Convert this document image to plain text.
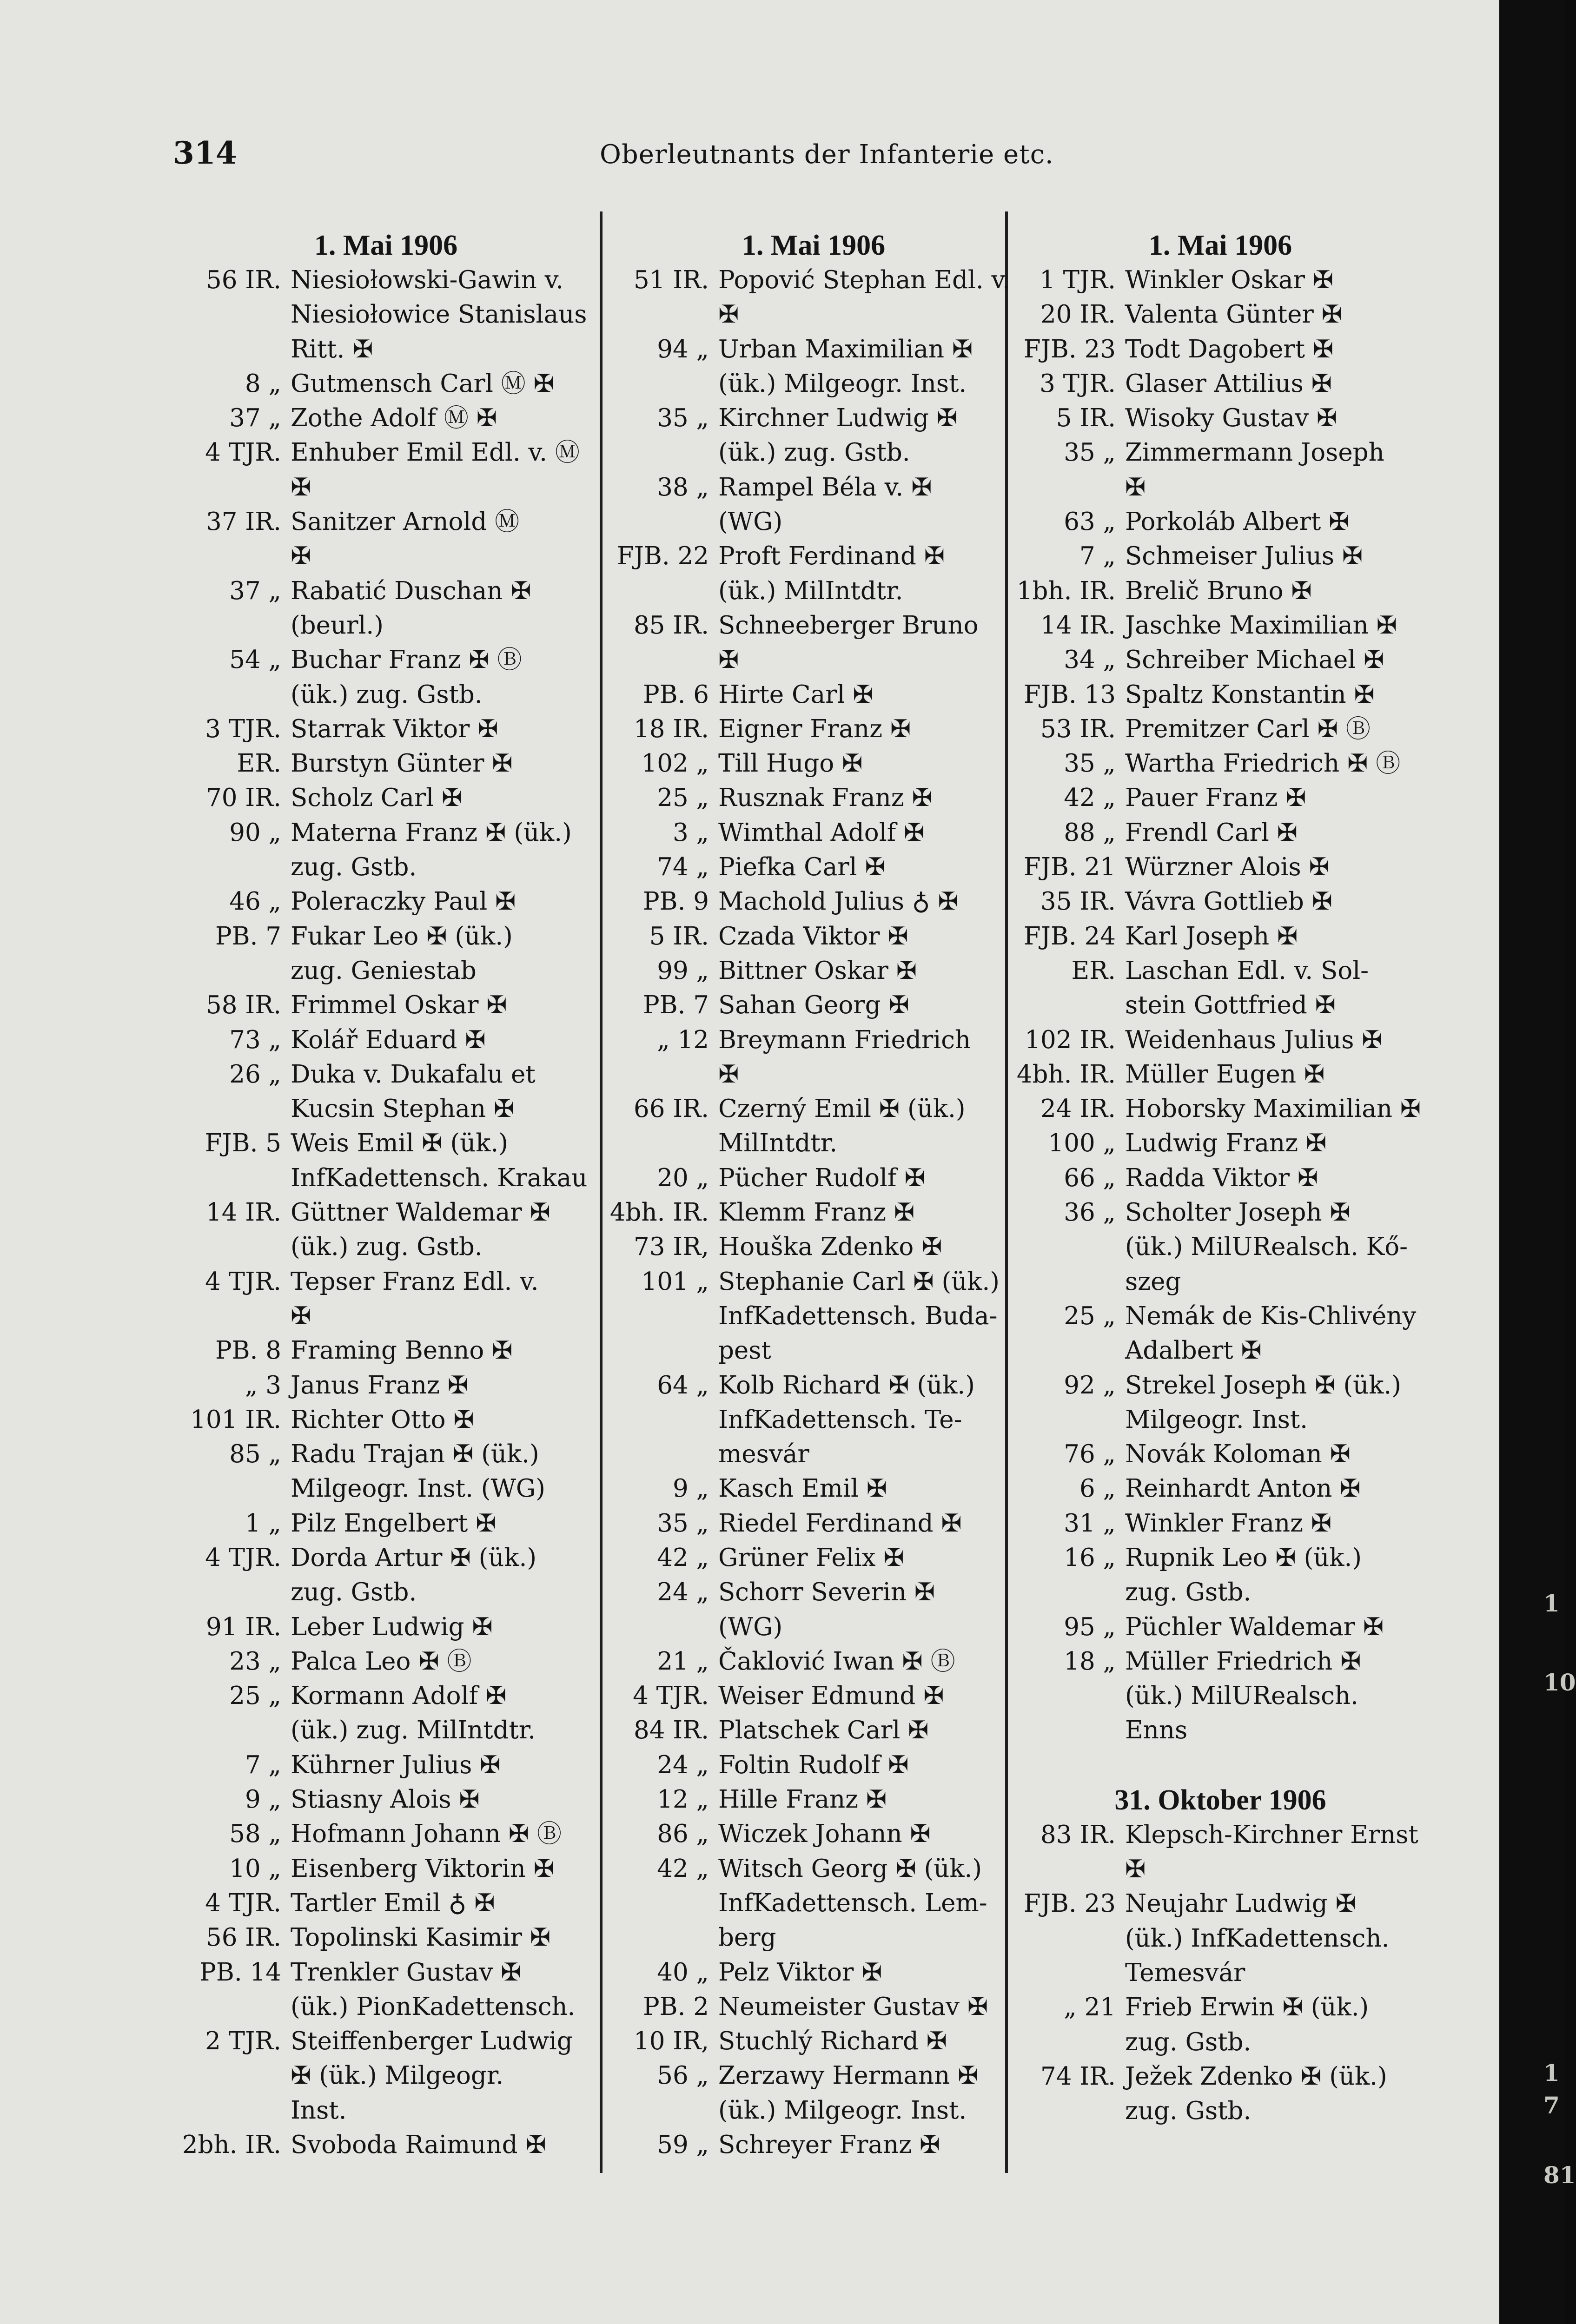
314	Oberleutnants der Infanterie etc.
1. Mai 1906
56 IR. Niesiołowski-Gawin v.
Niesiołowice Stanislaus
Ritt. ✠
8 „ Gutmensch Carl Ⓜ ✠
37 „ Zothe Adolf Ⓜ ✠
4 TJR. Enhuber Emil Edl. v. Ⓜ
✠
37 IR. Sanitzer Arnold Ⓜ
✠
37 „ Rabatić Duschan ✠
(beurl.)
54 „ Buchar Franz ✠ Ⓑ
(ük.) zug. Gstb.
3 TJR. Starrak Viktor ✠
ER. Burstyn Günter ✠
70 IR. Scholz Carl ✠
90 „ Materna Franz ✠ (ük.)
zug. Gstb.
46 „ Poleraczky Paul ✠
PB. 7 Fukar Leo ✠ (ük.)
zug. Geniestab
58 IR. Frimmel Oskar ✠
73 „ Kolář Eduard ✠
26 „ Duka v. Dukafalu et
Kucsin Stephan ✠
FJB. 5 Weis Emil ✠ (ük.)
InfKadettensch. Krakau
14 IR. Güttner Waldemar ✠
(ük.) zug. Gstb.
4 TJR. Tepser Franz Edl. v.
✠
PB. 8 Framing Benno ✠
„ 3 Janus Franz ✠
101 IR. Richter Otto ✠
85 „ Radu Trajan ✠ (ük.)
Milgeogr. Inst. (WG)
1 „ Pilz Engelbert ✠
4 TJR. Dorda Artur ✠ (ük.)
zug. Gstb.
91 IR. Leber Ludwig ✠
23 „ Palca Leo ✠ Ⓑ
25 „ Kormann Adolf ✠
(ük.) zug. MilIntdtr.
7 „ Kührner Julius ✠
9 „ Stiasny Alois ✠
58 „ Hofmann Johann ✠ Ⓑ
10 „ Eisenberg Viktorin ✠
4 TJR. Tartler Emil ♁ ✠
56 IR. Topolinski Kasimir ✠
PB. 14 Trenkler Gustav ✠
(ük.) PionKadettensch.
2 TJR. Steiffenberger Ludwig
✠ (ük.) Milgeogr.
Inst.
2bh. IR. Svoboda Raimund ✠
1. Mai 1906
51 IR. Popović Stephan Edl. v.
✠
94 „ Urban Maximilian ✠
(ük.) Milgeogr. Inst.
35 „ Kirchner Ludwig ✠
(ük.) zug. Gstb.
38 „ Rampel Béla v. ✠
(WG)
FJB. 22 Proft Ferdinand ✠
(ük.) MilIntdtr.
85 IR. Schneeberger Bruno
✠
PB. 6 Hirte Carl ✠
18 IR. Eigner Franz ✠
102 „ Till Hugo ✠
25 „ Rusznak Franz ✠
3 „ Wimthal Adolf ✠
74 „ Piefka Carl ✠
PB. 9 Machold Julius ♁ ✠
5 IR. Czada Viktor ✠
99 „ Bittner Oskar ✠
PB. 7 Sahan Georg ✠
„ 12 Breymann Friedrich
✠
66 IR. Czerný Emil ✠ (ük.)
MilIntdtr.
20 „ Pücher Rudolf ✠
4bh. IR. Klemm Franz ✠
73 IR, Houška Zdenko ✠
101 „ Stephanie Carl ✠ (ük.)
InfKadettensch. Buda-
pest
64 „ Kolb Richard ✠ (ük.)
InfKadettensch. Te-
mesvár
9 „ Kasch Emil ✠
35 „ Riedel Ferdinand ✠
42 „ Grüner Felix ✠
24 „ Schorr Severin ✠
(WG)
21 „ Čaklović Iwan ✠ Ⓑ
4 TJR. Weiser Edmund ✠
84 IR. Platschek Carl ✠
24 „ Foltin Rudolf ✠
12 „ Hille Franz ✠
86 „ Wiczek Johann ✠
42 „ Witsch Georg ✠ (ük.)
InfKadettensch. Lem-
berg
40 „ Pelz Viktor ✠
PB. 2 Neumeister Gustav ✠
10 IR, Stuchlý Richard ✠
56 „ Zerzawy Hermann ✠
(ük.) Milgeogr. Inst.
59 „ Schreyer Franz ✠
1. Mai 1906
1 TJR. Winkler Oskar ✠
20 IR. Valenta Günter ✠
FJB. 23 Todt Dagobert ✠
3 TJR. Glaser Attilius ✠
5 IR. Wisoky Gustav ✠
35 „ Zimmermann Joseph
✠
63 „ Porkoláb Albert ✠
7 „ Schmeiser Julius ✠
1bh. IR. Brelič Bruno ✠
14 IR. Jaschke Maximilian ✠
34 „ Schreiber Michael ✠
FJB. 13 Spaltz Konstantin ✠
53 IR. Premitzer Carl ✠ Ⓑ
35 „ Wartha Friedrich ✠ Ⓑ
42 „ Pauer Franz ✠
88 „ Frendl Carl ✠
FJB. 21 Würzner Alois ✠
35 IR. Vávra Gottlieb ✠
FJB. 24 Karl Joseph ✠
ER. Laschan Edl. v. Sol-
stein Gottfried ✠
102 IR. Weidenhaus Julius ✠
4bh. IR. Müller Eugen ✠
24 IR. Hoborsky Maximilian ✠
100 „ Ludwig Franz ✠
66 „ Radda Viktor ✠
36 „ Scholter Joseph ✠
(ük.) MilURealsch. Kő-
szeg
25 „ Nemák de Kis-Chlivény
Adalbert ✠
92 „ Strekel Joseph ✠ (ük.)
Milgeogr. Inst.
76 „ Novák Koloman ✠
6 „ Reinhardt Anton ✠
31 „ Winkler Franz ✠
16 „ Rupnik Leo ✠ (ük.)
zug. Gstb.
95 „ Püchler Waldemar ✠
18 „ Müller Friedrich ✠
(ük.) MilURealsch.
Enns
31. Oktober 1906
83 IR. Klepsch-Kirchner Ernst
✠
FJB. 23 Neujahr Ludwig ✠
(ük.) InfKadettensch.
Temesvár
„ 21 Frieb Erwin ✠ (ük.)
zug. Gstb.
74 IR. Ježek Zdenko ✠ (ük.)
zug. Gstb.
1
10
1
7
81
